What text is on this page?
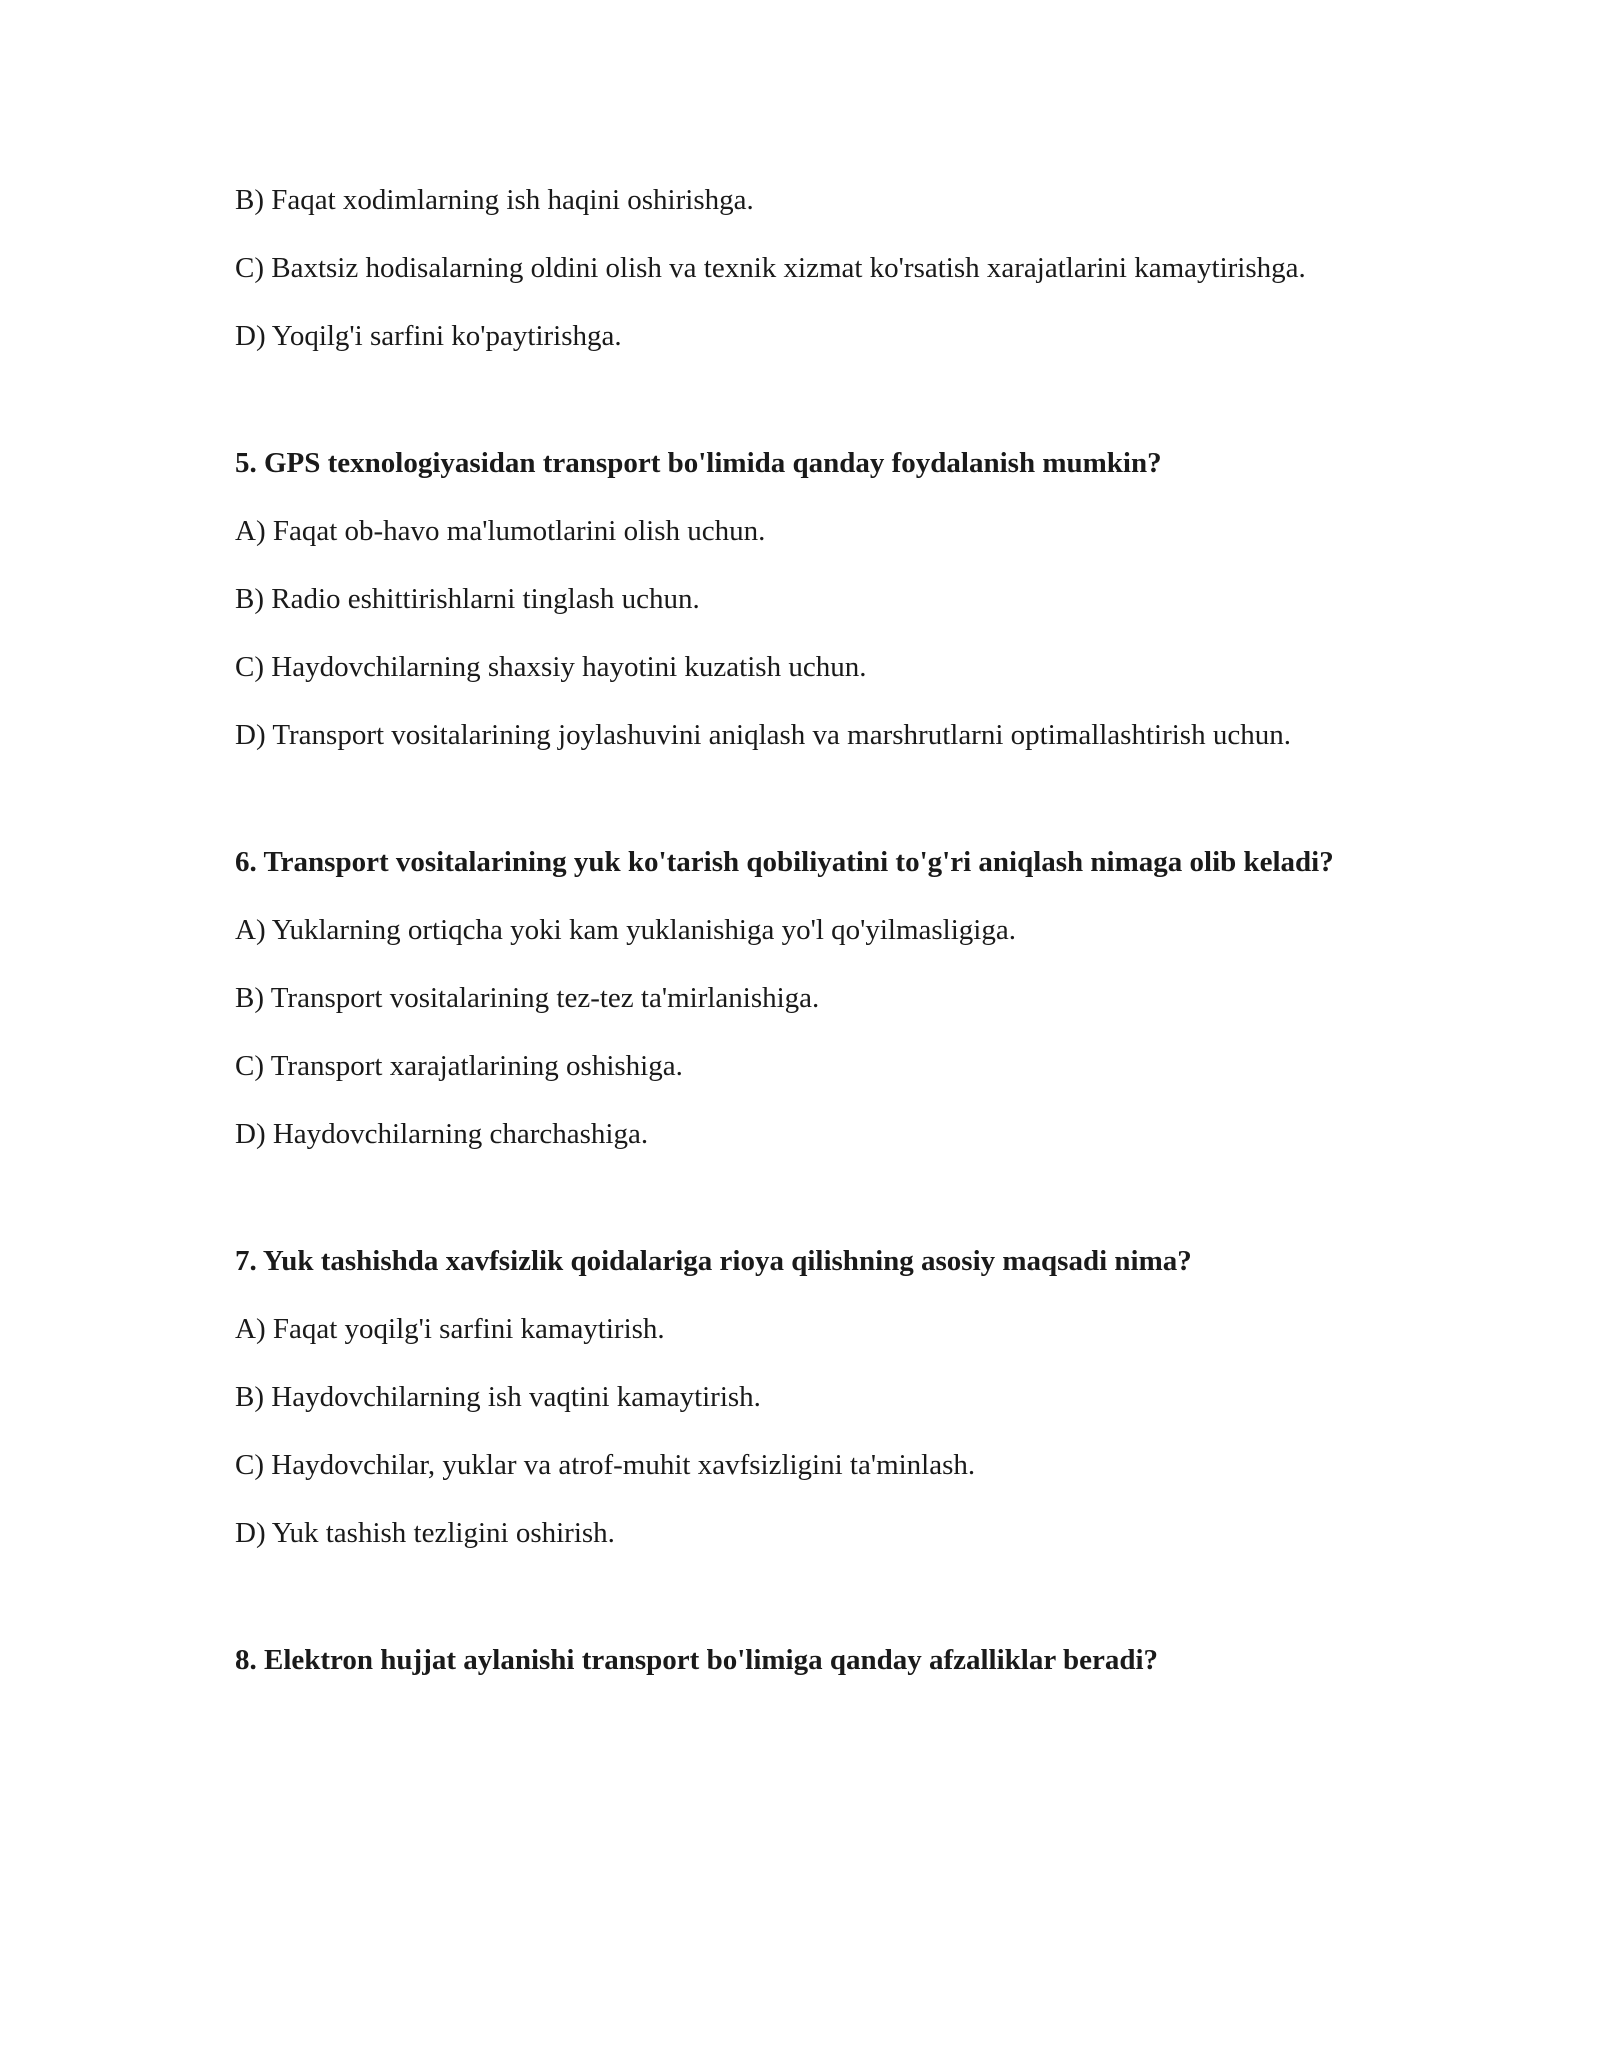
B) Faqat xodimlarning ish haqini oshirishga.

C) Baxtsiz hodisalarning oldini olish va texnik xizmat ko'rsatish xarajatlarini kamaytirishga.

D) Yoqilg'i sarfini ko'paytirishga.

5. GPS texnologiyasidan transport bo'limida qanday foydalanish mumkin?

A) Faqat ob-havo ma'lumotlarini olish uchun.

B) Radio eshittirishlarni tinglash uchun.

C) Haydovchilarning shaxsiy hayotini kuzatish uchun.

D) Transport vositalarining joylashuvini aniqlash va marshrutlarni optimallashtirish uchun.

6. Transport vositalarining yuk ko'tarish qobiliyatini to'g'ri aniqlash nimaga olib keladi?

A) Yuklarning ortiqcha yoki kam yuklanishiga yo'l qo'yilmasligiga.

B) Transport vositalarining tez-tez ta'mirlanishiga.

C) Transport xarajatlarining oshishiga.

D) Haydovchilarning charchashiga.

7. Yuk tashishda xavfsizlik qoidalariga rioya qilishning asosiy maqsadi nima?

A) Faqat yoqilg'i sarfini kamaytirish.

B) Haydovchilarning ish vaqtini kamaytirish.

C) Haydovchilar, yuklar va atrof-muhit xavfsizligini ta'minlash.

D) Yuk tashish tezligini oshirish.

8. Elektron hujjat aylanishi transport bo'limiga qanday afzalliklar beradi?
